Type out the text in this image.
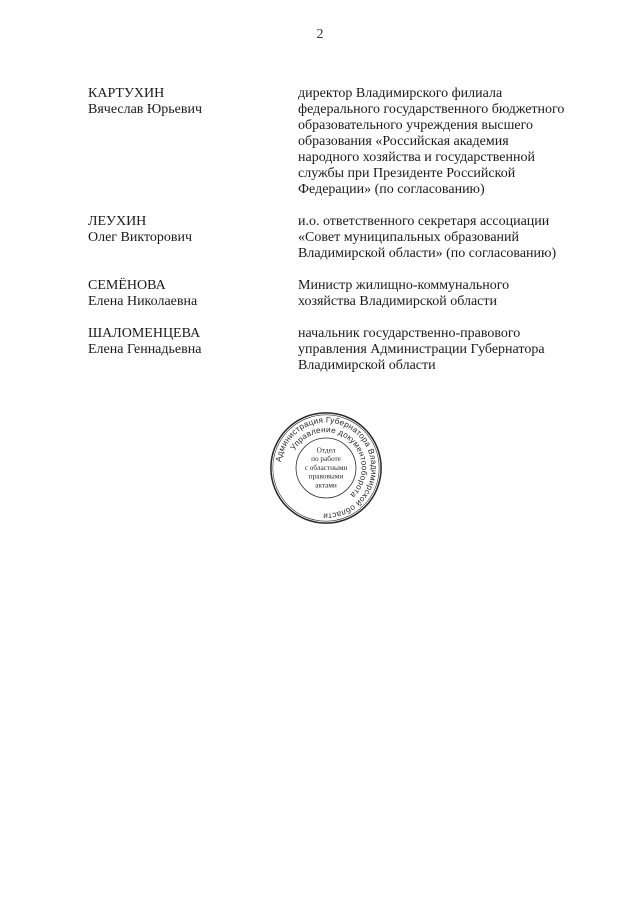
2
КАРТУХИН
Вячеслав Юрьевич
директор Владимирского филиала
федерального государственного бюджетного
образовательного учреждения высшего
образования «Российская академия
народного хозяйства и государственной
службы при Президенте Российской
Федерации» (по согласованию)
ЛЕУХИН
Олег Викторович
и.о. ответственного секретаря ассоциации
«Совет муниципальных образований
Владимирской области» (по согласованию)
СЕМЁНОВА
Елена Николаевна
Министр жилищно-коммунального
хозяйства Владимирской области
ШАЛОМЕНЦЕВА
Елена Геннадьевна
начальник государственно-правового
управления Администрации Губернатора
Владимирской области
Администрация Губернатора Владимирской области
Управление документооборота
Отдел
по работе
с областными
правовыми
актами
